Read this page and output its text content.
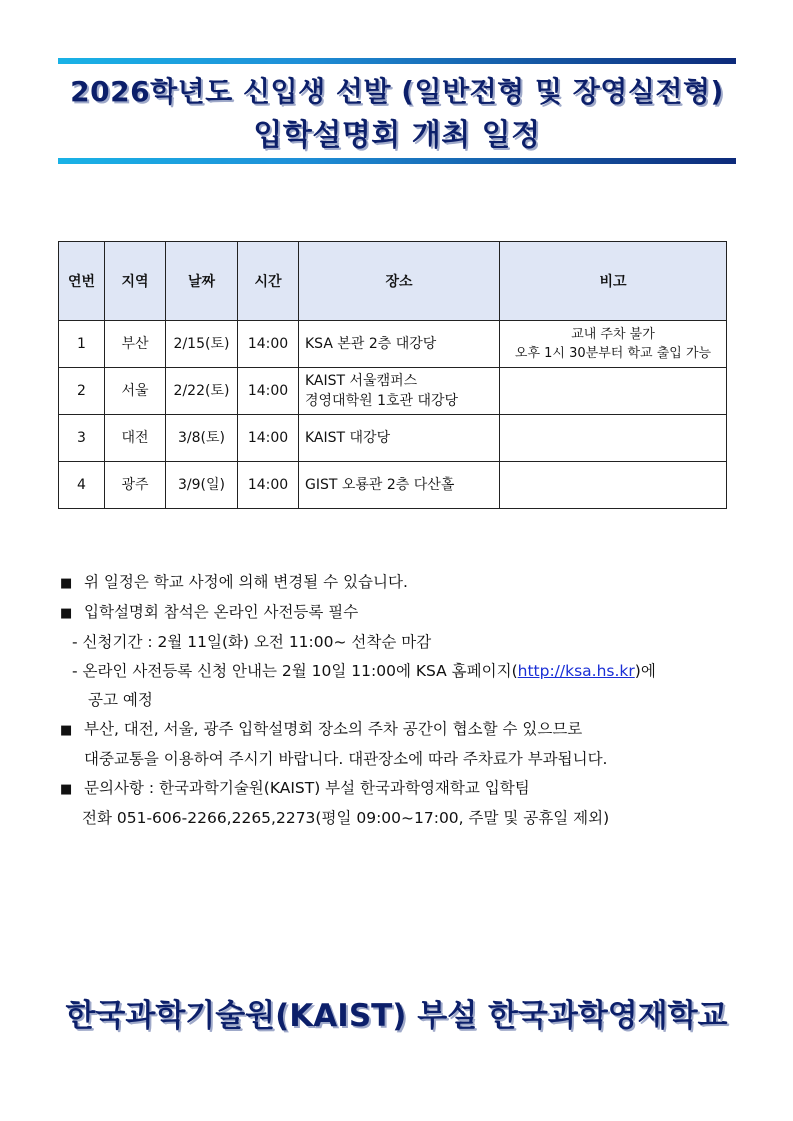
2026학년도 신입생 선발 (일반전형 및 장영실전형)
입학설명회 개최 일정
연번	지역	날짜	시간	장소	비고
1	부산	2/15(토)	14:00	KSA 본관 2층 대강당	교내 주차 불가
오후 1시 30분부터 학교 출입 가능

2	서울	2/22(토)	14:00	KAIST 서울캠퍼스
경영대학원 1호관 대강당	

3	대전	3/8(토)	14:00	KAIST 대강당	

4	광주	3/9(일)	14:00	GIST 오룡관 2층 다산홀	

■ 위 일정은 학교 사정에 의해 변경될 수 있습니다.
■ 입학설명회 참석은 온라인 사전등록 필수
- 신청기간 : 2월 11일(화) 오전 11:00~ 선착순 마감
- 온라인 사전등록 신청 안내는 2월 10일 11:00에 KSA 홈페이지(http://ksa.hs.kr)에
공고 예정
■ 부산, 대전, 서울, 광주 입학설명회 장소의 주차 공간이 협소할 수 있으므로
대중교통을 이용하여 주시기 바랍니다. 대관장소에 따라 주차료가 부과됩니다.
■ 문의사항 : 한국과학기술원(KAIST) 부설 한국과학영재학교 입학팀
전화 051-606-2266,2265,2273(평일 09:00~17:00, 주말 및 공휴일 제외)
한국과학기술원(KAIST) 부설 한국과학영재학교
